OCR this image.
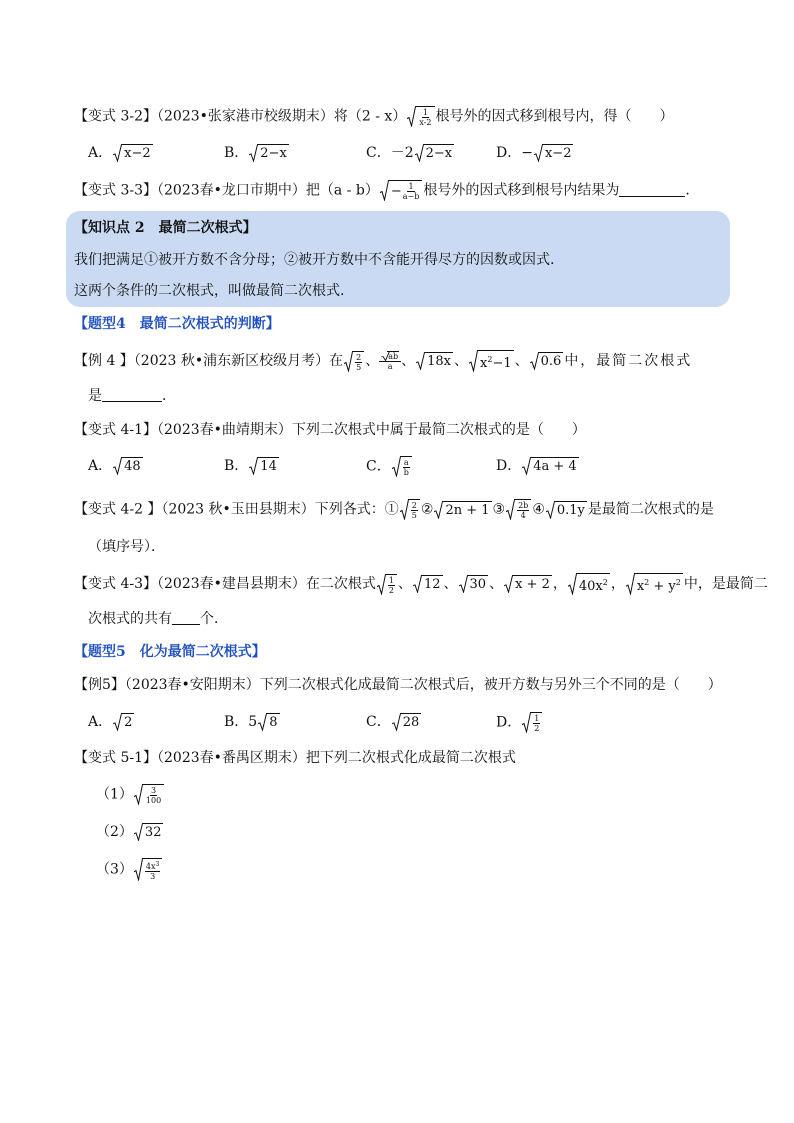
【变式 3-2】（2023•张家港市校级期末）将$(2 - x) \frac{1}{x-2}$ 根号外的因式移到根号内，得（　　）
A． x−2	B． 2−x	C．－2 2−x	D．− x−2
【变式 3-3】（2023春•龙口市期中）把$(a - b) - \frac{1}{a-b}$ 根号外的因式移到根号内结果为	．
【知识点 2　最简二次根式】
我们把满足①被开方数不含分母；②被开方数中不含能开得尽方的因数或因式.
这两个条件的二次根式，叫做最简二次根式.
【题型4　最简二次根式的判断】
【例 4 】（2023 秋•浦东新区校级月考）在 $\frac{2}{5}$ 、 $\frac{ab}{a}$ 、 18x 、 $x^2-1$ 、 0.6 中，最简二次根式
是	．
【变式 4-1】（2023春•曲靖期末）下列二次根式中属于最简二次根式的是（　　）
A． 48	B． 14	C． $\frac{a}{b}$	D． 4a + 4
【变式 4-2 】（2023 秋•玉田县期末）下列各式：① $\frac{2}{5}$ ② 2n + 1 ③ $\frac{2b}{4}$ ④ 0.1y 是最简二次根式的是
（填序号）．
【变式 4-3】（2023春•建昌县期末）在二次根式 $\frac{1}{2}$ 、 12 、 30 、 x + 2 ， $40x^2$ ， $x^2 + y^2$ 中，是最简二
次根式的共有 个．
【题型5　化为最简二次根式】
【例5】（2023春•安阳期末）下列二次根式化成最简二次根式后，被开方数与另外三个不同的是（　　）
A． 2	B．5 8	C． 28	D． $\frac{1}{2}$
【变式 5-1】（2023春•番禺区期末）把下列二次根式化成最简二次根式
$(1) \frac{3}{100}$
（2） 32
$(3) \frac{4x^3}{3}$
